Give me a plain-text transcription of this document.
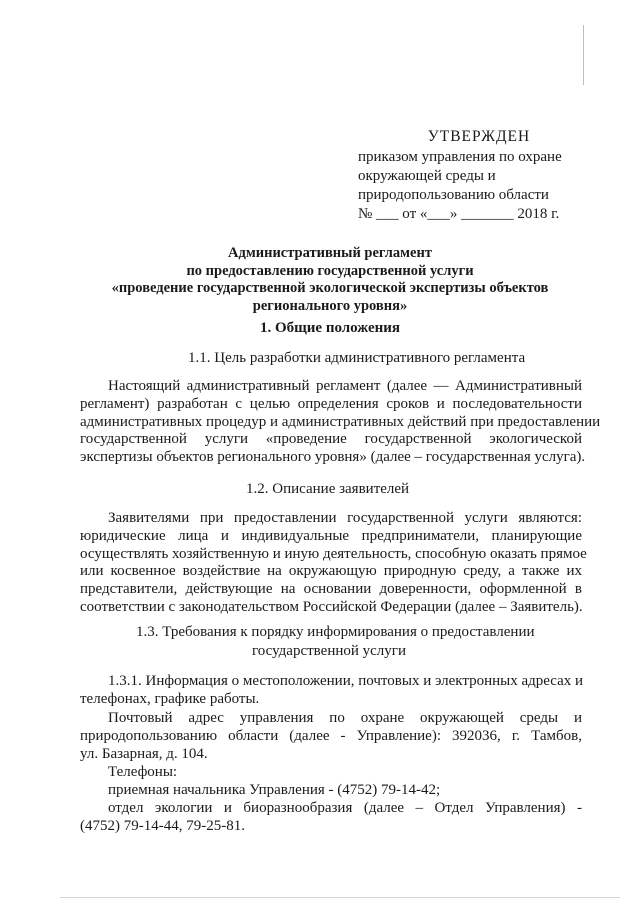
УТВЕРЖДЕН
приказом управления по охране
окружающей среды и
природопользованию области
№ ___ от «___» _______ 2018 г.
Административный регламент
по предоставлению государственной услуги
«проведение государственной экологической экспертизы объектов
регионального уровня»
1. Общие положения
1.1. Цель разработки административного регламента
Настоящий административный регламент (далее — Административный
регламент) разработан с целью определения сроков и последовательности
административных процедур и административных действий при предоставлении
государственной услуги «проведение государственной экологической
экспертизы объектов регионального уровня» (далее – государственная услуга).
1.2. Описание заявителей
Заявителями при предоставлении государственной услуги являются:
юридические лица и индивидуальные предприниматели, планирующие
осуществлять хозяйственную и иную деятельность, способную оказать прямое
или косвенное воздействие на окружающую природную среду, а также их
представители, действующие на основании доверенности, оформленной в
соответствии с законодательством Российской Федерации (далее – Заявитель).
1.3. Требования к порядку информирования о предоставлении
государственной услуги
1.3.1. Информация о местоположении, почтовых и электронных адресах и
телефонах, графике работы.
Почтовый адрес управления по охране окружающей среды и
природопользованию области (далее - Управление): 392036, г. Тамбов,
ул. Базарная, д. 104.
Телефоны:
приемная начальника Управления - (4752) 79-14-42;
отдел экологии и биоразнообразия (далее – Отдел Управления) -
(4752) 79-14-44, 79-25-81.
